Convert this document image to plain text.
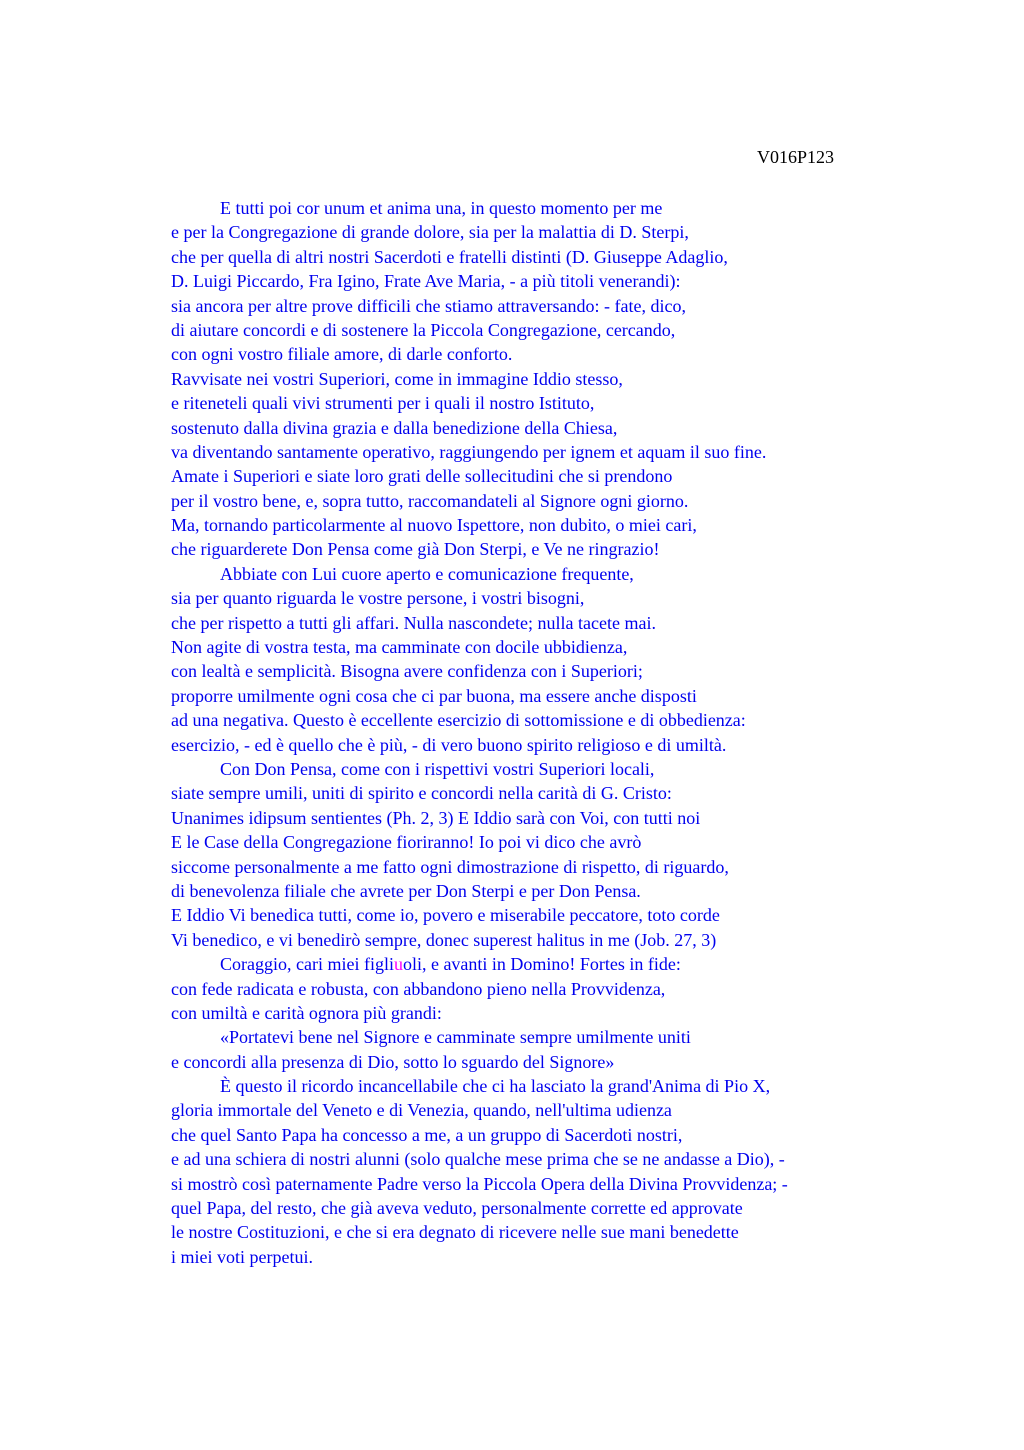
V016P123
E tutti poi cor unum et anima una, in questo momento per me
e per la Congregazione di grande dolore, sia per la malattia di D. Sterpi,
che per quella di altri nostri Sacerdoti e fratelli distinti (D. Giuseppe Adaglio,
D. Luigi Piccardo, Fra Igino, Frate Ave Maria, - a più titoli venerandi):
sia ancora per altre prove difficili che stiamo attraversando: - fate, dico,
di aiutare concordi e di sostenere la Piccola Congregazione, cercando,
con ogni vostro filiale amore, di darle conforto.
Ravvisate nei vostri Superiori, come in immagine Iddio stesso,
e riteneteli quali vivi strumenti per i quali il nostro Istituto,
sostenuto dalla divina grazia e dalla benedizione della Chiesa,
va diventando santamente operativo, raggiungendo per ignem et aquam il suo fine.
Amate i Superiori e siate loro grati delle sollecitudini che si prendono
per il vostro bene, e, sopra tutto, raccomandateli al Signore ogni giorno.
Ma, tornando particolarmente al nuovo Ispettore, non dubito, o miei cari,
che riguarderete Don Pensa come già Don Sterpi, e Ve ne ringrazio!
Abbiate con Lui cuore aperto e comunicazione frequente,
sia per quanto riguarda le vostre persone, i vostri bisogni,
che per rispetto a tutti gli affari. Nulla nascondete; nulla tacete mai.
Non agite di vostra testa, ma camminate con docile ubbidienza,
con lealtà e semplicità. Bisogna avere confidenza con i Superiori;
proporre umilmente ogni cosa che ci par buona, ma essere anche disposti
ad una negativa. Questo è eccellente esercizio di sottomissione e di obbedienza:
esercizio, - ed è quello che è più, - di vero buono spirito religioso e di umiltà.
Con Don Pensa, come con i rispettivi vostri Superiori locali,
siate sempre umili, uniti di spirito e concordi nella carità di G. Cristo:
Unanimes idipsum sentientes (Ph. 2, 3) E Iddio sarà con Voi, con tutti noi
E le Case della Congregazione fioriranno! Io poi vi dico che avrò
siccome personalmente a me fatto ogni dimostrazione di rispetto, di riguardo,
di benevolenza filiale che avrete per Don Sterpi e per Don Pensa.
E Iddio Vi benedica tutti, come io, povero e miserabile peccatore, toto corde
Vi benedico, e vi benedirò sempre, donec superest halitus in me (Job. 27, 3)
Coraggio, cari miei figliuoli, e avanti in Domino! Fortes in fide:
con fede radicata e robusta, con abbandono pieno nella Provvidenza,
con umiltà e carità ognora più grandi:
«Portatevi bene nel Signore e camminate sempre umilmente uniti
e concordi alla presenza di Dio, sotto lo sguardo del Signore»
È questo il ricordo incancellabile che ci ha lasciato la grand'Anima di Pio X,
gloria immortale del Veneto e di Venezia, quando, nell'ultima udienza
che quel Santo Papa ha concesso a me, a un gruppo di Sacerdoti nostri,
e ad una schiera di nostri alunni (solo qualche mese prima che se ne andasse a Dio), -
si mostrò così paternamente Padre verso la Piccola Opera della Divina Provvidenza; -
quel Papa, del resto, che già aveva veduto, personalmente corrette ed approvate
le nostre Costituzioni, e che si era degnato di ricevere nelle sue mani benedette
i miei voti perpetui.
